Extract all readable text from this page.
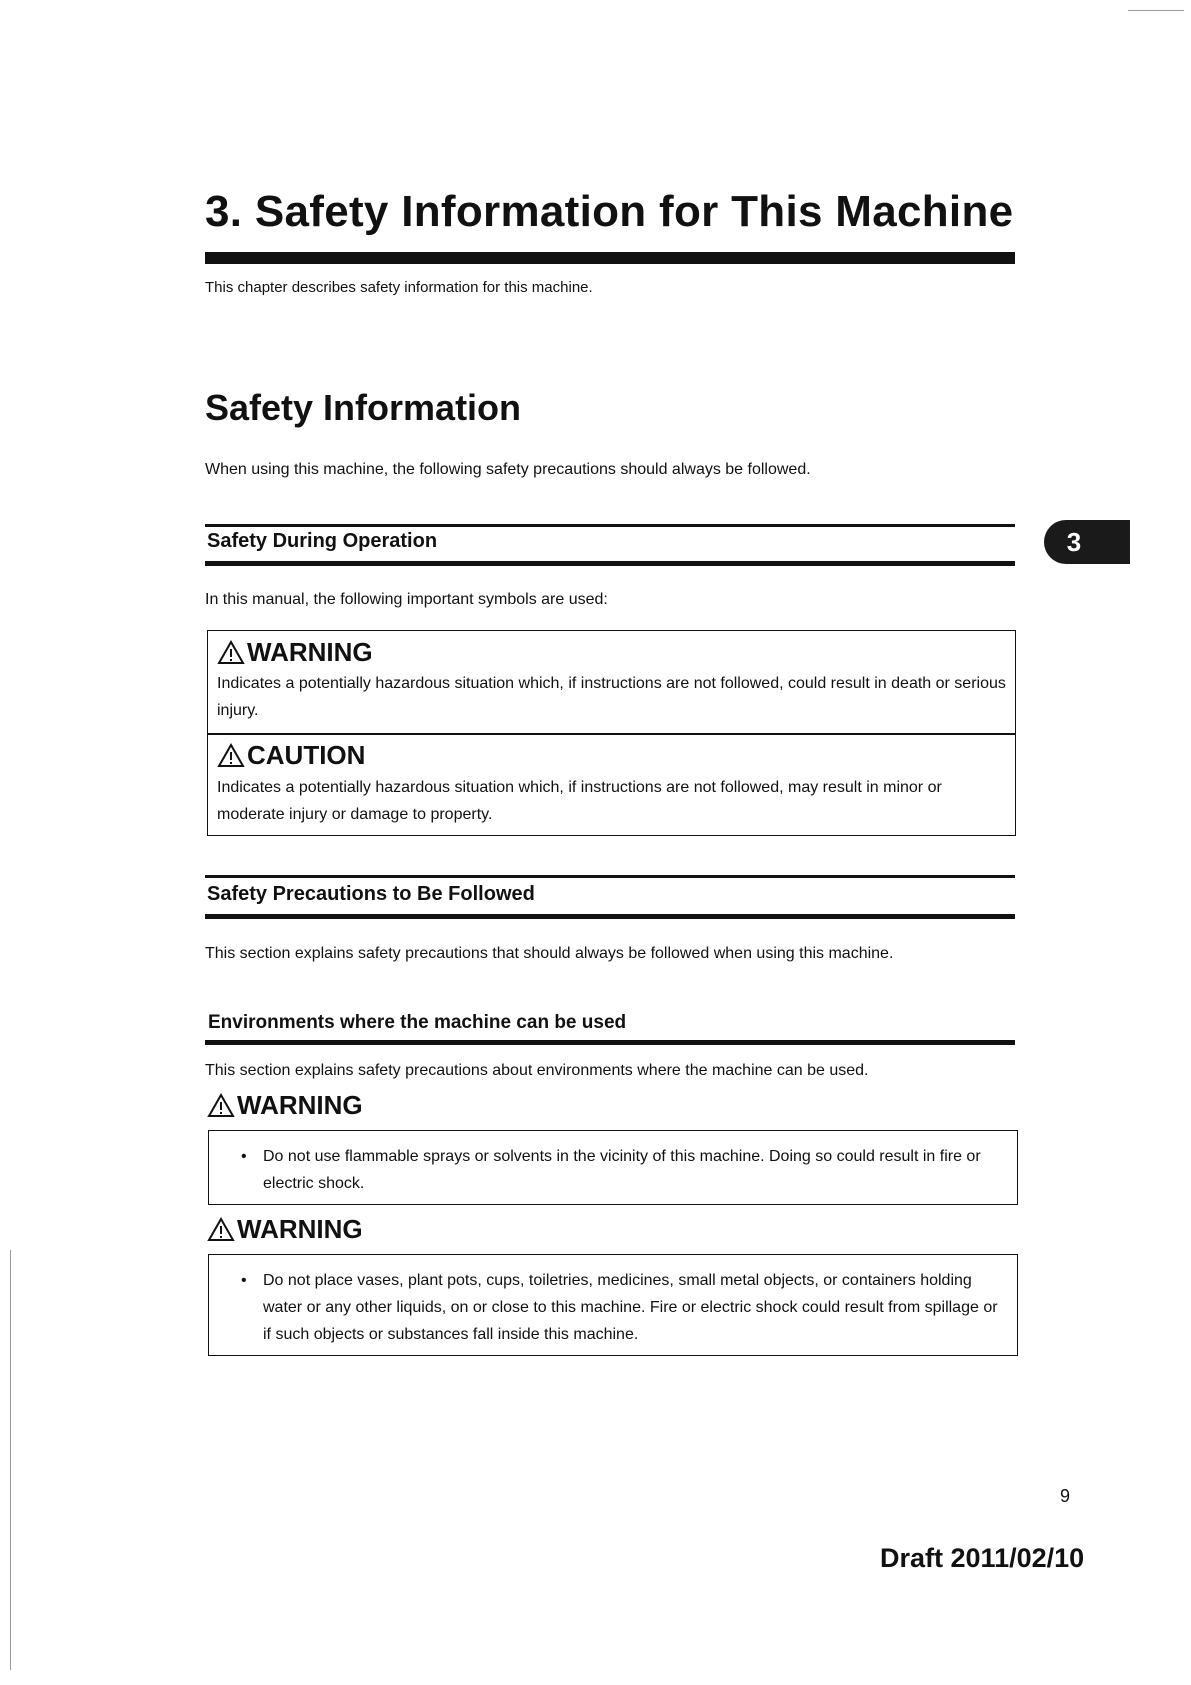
3. Safety Information for This Machine

This chapter describes safety information for this machine.

Safety Information

When using this machine, the following safety precautions should always be followed.

Safety During Operation	3

In this manual, the following important symbols are used:

WARNING

Indicates a potentially hazardous situation which, if instructions are not followed, could result in death or serious injury.

CAUTION

Indicates a potentially hazardous situation which, if instructions are not followed, may result in minor or moderate injury or damage to property.

Safety Precautions to Be Followed

This section explains safety precautions that should always be followed when using this machine.

Environments where the machine can be used

This section explains safety precautions about environments where the machine can be used.

WARNING

• Do not use flammable sprays or solvents in the vicinity of this machine. Doing so could result in fire or electric shock.

WARNING

• Do not place vases, plant pots, cups, toiletries, medicines, small metal objects, or containers holding water or any other liquids, on or close to this machine. Fire or electric shock could result from spillage or if such objects or substances fall inside this machine.

9

Draft 2011/02/10
